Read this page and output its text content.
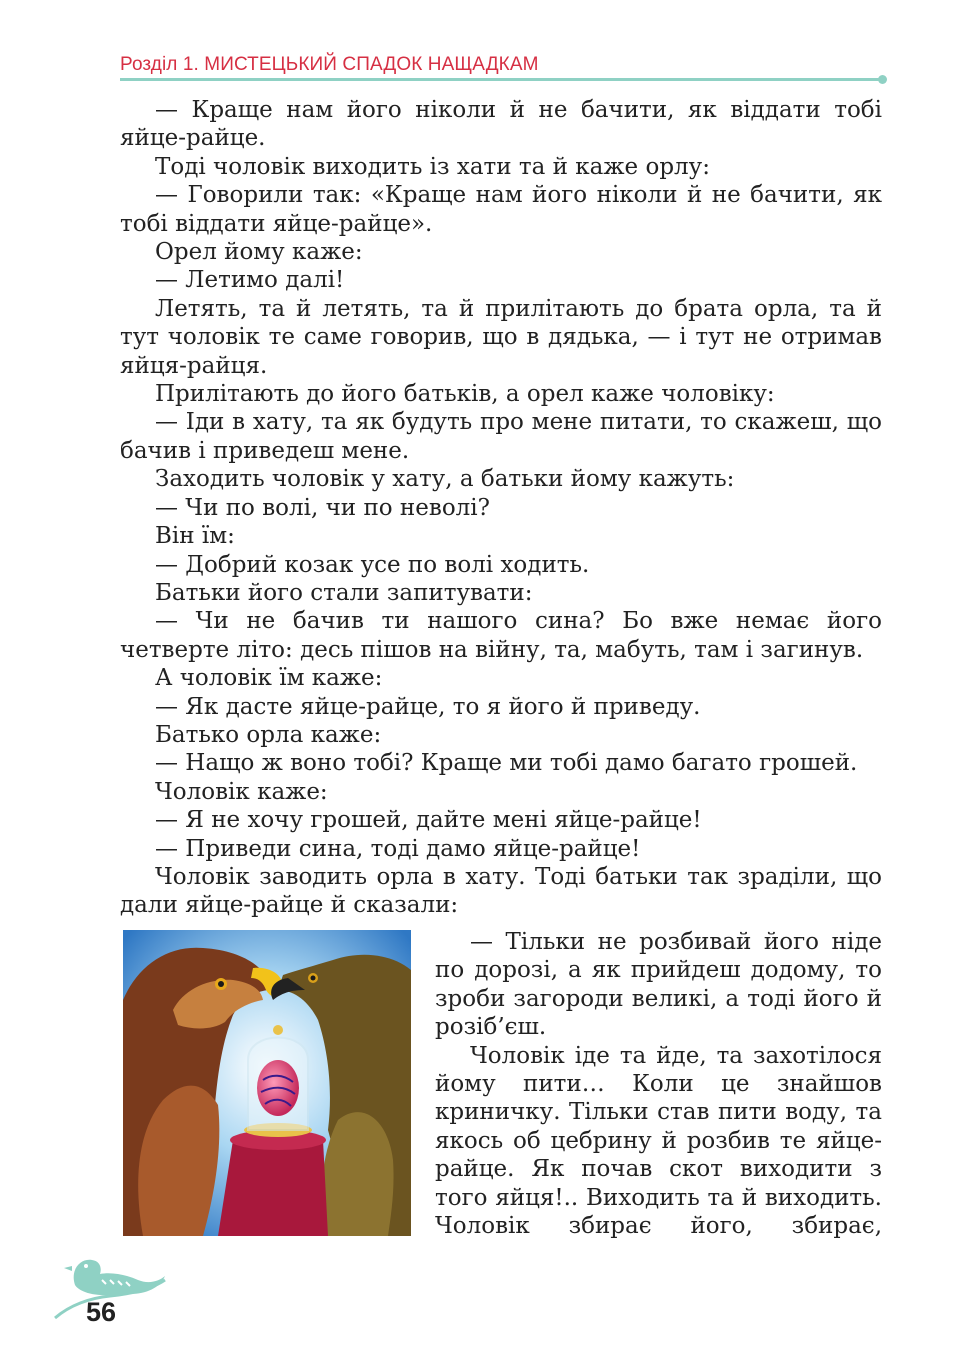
Розділ 1. МИСТЕЦЬКИЙ СПАДОК НАЩАДКАМ

— Краще нам його ніколи й не бачити, як віддати тобі яйце-райце.

Тоді чоловік виходить із хати та й каже орлу:

— Говорили так: «Краще нам його ніколи й не бачити, як тобі віддати яйце-райце».

Орел йому каже:

— Летимо далі!

Летять, та й летять, та й прилітають до брата орла, та й тут чоловік те саме говорив, що в дядька, — і тут не отримав яйця-райця.

Прилітають до його батьків, а орел каже чоловіку:

— Іди в хату, та як будуть про мене питати, то скажеш, що бачив і приведеш мене.

Заходить чоловік у хату, а батьки йому кажуть:

— Чи по волі, чи по неволі?

Він їм:

— Добрий козак усе по волі ходить.

Батьки його стали запитувати:

— Чи не бачив ти нашого сина? Бо вже немає його четверте літо: десь пішов на війну, та, мабуть, там і загинув.

А чоловік їм каже:

— Як дасте яйце-райце, то я його й приведу.

Батько орла каже:

— Нащо ж воно тобі? Краще ми тобі дамо багато грошей.

Чоловік каже:

— Я не хочу грошей, дайте мені яйце-райце!

— Приведи сина, тоді дамо яйце-райце!

Чоловік заводить орла в хату. Тоді батьки так зраділи, що дали яйце-райце й сказали:

— Тільки не розбивай його ніде по дорозі, а як прийдеш додому, то зроби загороди великі, а тоді його й розіб’єш.

Чоловік іде та йде, та захотілося йому пити… Коли це знайшов криничку. Тільки став пити воду, та якось об цебрину й розбив те яйце-райце. Як почав скот виходити з того яйця!.. Виходить та й виходить. Чоловік збирає його, збирає,

56
